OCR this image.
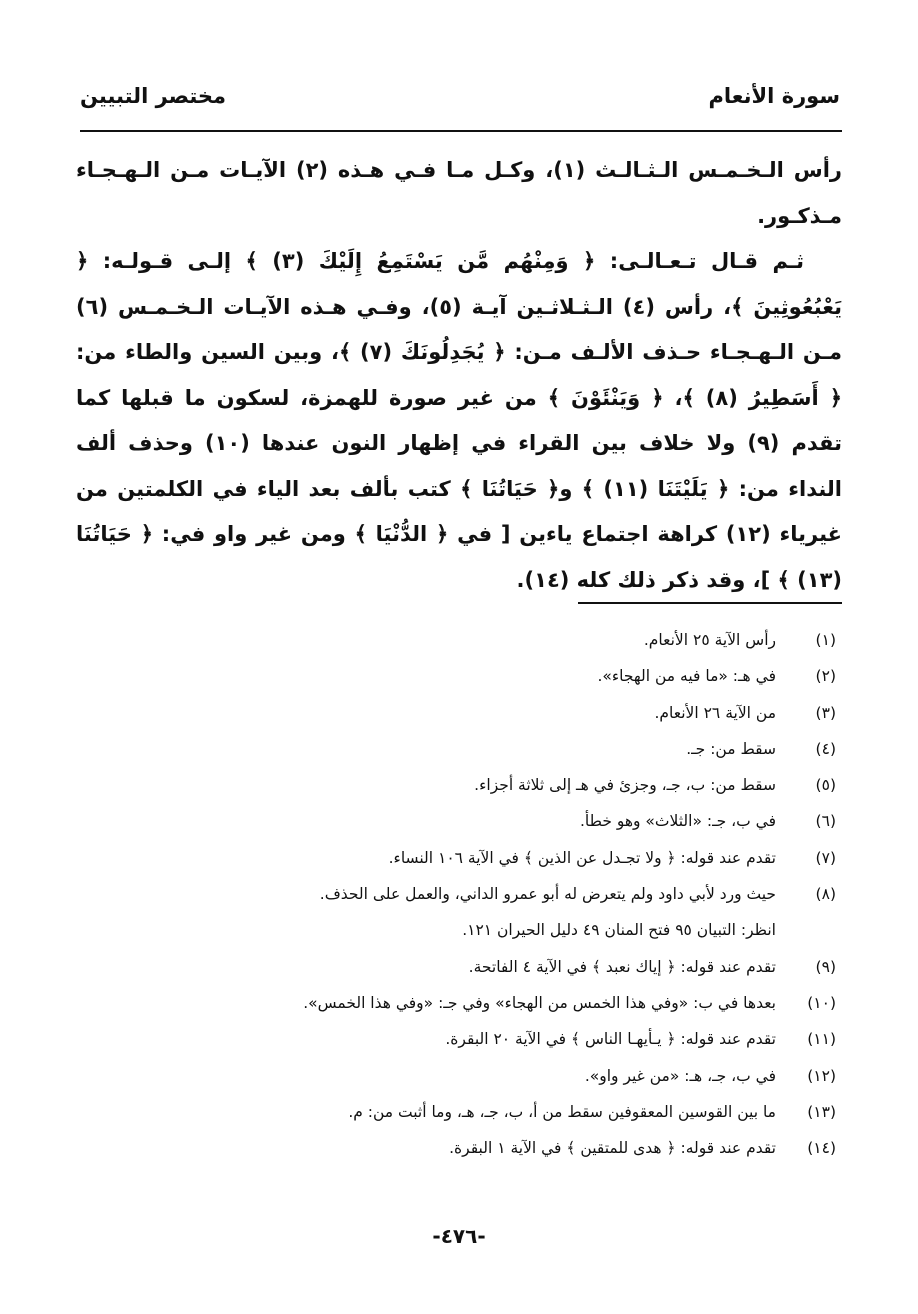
سورة الأنعام
مختصر التبيين

رأس الـخـمـس الـثـالـث (١)، وكـل مـا فـي هـذه (٢) الآيـات مـن الـهـجـاء مـذكـور.

ثـم قـال تـعـالـى: ﴿ وَمِنْهُم مَّن يَسْتَمِعُ إِلَيْكَ (٣) ﴾ إلـى قـولـه: ﴿ يَعْبُعُوثِينَ ﴾، رأس (٤) الـثـلاثـين آيـة (٥)، وفـي هـذه الآيـات الـخـمـس (٦) مـن الـهـجـاء حـذف الألـف مـن: ﴿ يُجَدِلُونَكَ (٧) ﴾، وبين السين والطاء من: ﴿ أَسَطِيرُ (٨) ﴾، ﴿ وَيَنْئَوْنَ ﴾ من غير صورة للهمزة، لسكون ما قبلها كما تقدم (٩) ولا خلاف بين القراء في إظهار النون عندها (١٠) وحذف ألف النداء من: ﴿ يَلَيْتَنَا (١١) ﴾ و﴿ حَيَاتُنَا ﴾ كتب بألف بعد الياء في الكلمتين من غيرياء (١٢) كراهة اجتماع ياءين [ في ﴿ الدُّنْيَا ﴾ ومن غير واو في: ﴿ حَيَاتُنَا (١٣) ﴾ ]، وقد ذكر ذلك كله (١٤).

(١)
رأس الآية ٢٥ الأنعام.
(٢)
في هـ: «ما فيه من الهجاء».
(٣)
من الآية ٢٦ الأنعام.
(٤)
سقط من: جـ.
(٥)
سقط من: ب، جـ، وجزئ في هـ إلى ثلاثة أجزاء.
(٦)
في ب، جـ: «الثلاث» وهو خطأ.
(٧)
تقدم عند قوله: ﴿ ولا تجـدل عن الذين ﴾ في الآية ١٠٦ النساء.
(٨)
حيث ورد لأبي داود ولم يتعرض له أبو عمرو الداني، والعمل على الحذف.
انظر: التبيان ٩٥ فتح المنان ٤٩ دليل الحيران ١٢١.
(٩)
تقدم عند قوله: ﴿ إياك نعبد ﴾ في الآية ٤ الفاتحة.
(١٠)
بعدها في ب: «وفي هذا الخمس من الهجاء» وفي جـ: «وفي هذا الخمس».
(١١)
تقدم عند قوله: ﴿ يـأيهـا الناس ﴾ في الآية ٢٠ البقرة.
(١٢)
في ب، جـ، هـ: «من غير واو».
(١٣)
ما بين القوسين المعقوفين سقط من أ، ب، جـ، هـ، وما أثبت من: م.
(١٤)
تقدم عند قوله: ﴿ هدى للمتقين ﴾ في الآية ١ البقرة.
-٤٧٦-
